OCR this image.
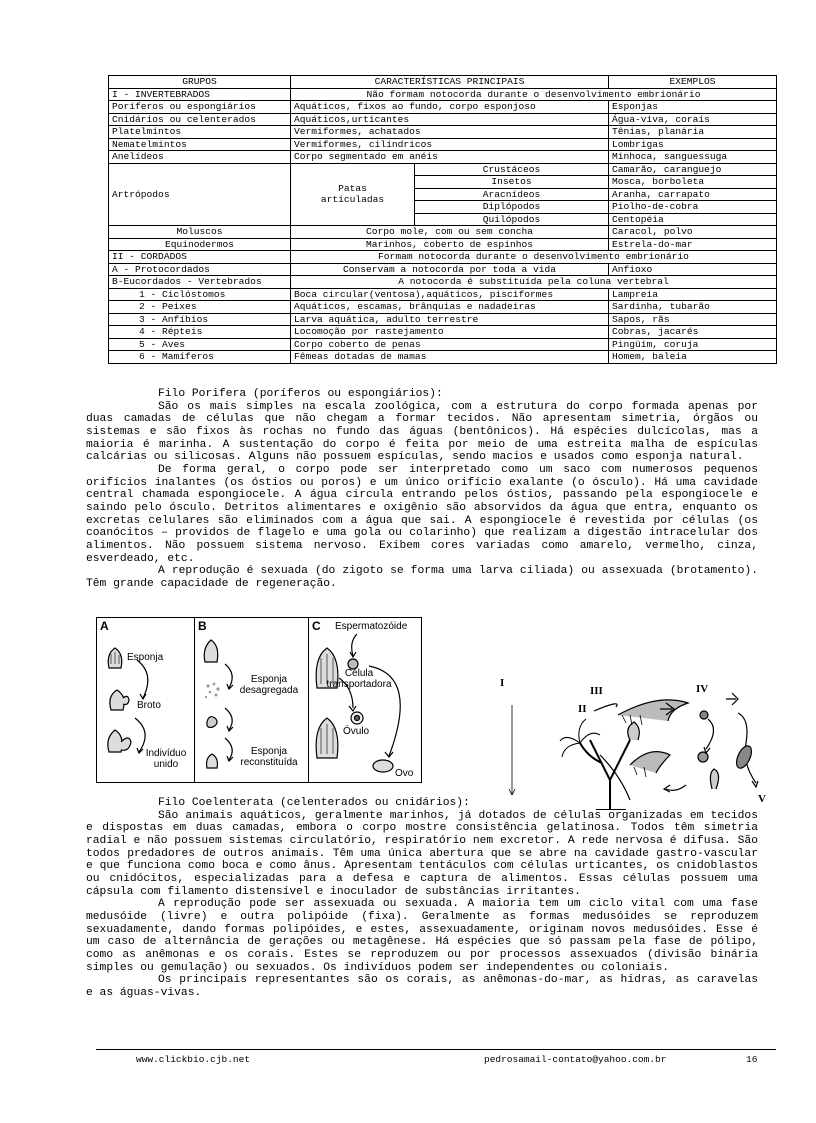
GRUPOS	CARACTERÍSTICAS PRINCIPAIS		EXEMPLOS
I - INVERTEBRADOS	Não formam notocorda durante o desenvolvimento embrionário		
Poríferos ou espongiários	Aquáticos, fixos ao fundo, corpo esponjoso		Esponjas
Cnidários ou celenterados	Aquáticos,urticantes		Água-viva, corais
Platelmintos	Vermiformes, achatados		Tênias, planária
Nematelmintos	Vermiformes, cilíndricos		Lombrigas
Anelídeos	Corpo segmentado em anéis		Minhoca, sanguessuga
Artrópodos	Patas articuladas	Crustáceos	Camarão, caranguejo
		Insetos	Mosca, borboleta
		Aracnídeos	Aranha, carrapato
		Diplópodos	Piolho-de-cobra
		Quilópodos	Centopéia
Moluscos	Corpo mole, com ou sem concha		Caracol, polvo
Equinodermos	Marinhos, coberto de espinhos		Estrela-do-mar
II - CORDADOS	Formam notocorda durante o desenvolvimento embrionário		
A - Protocordados	Conservam a notocorda por toda a vida		Anfioxo
B-Eucordados - Vertebrados	A notocorda é substituída pela coluna vertebral		
1 - Ciclóstomos	Boca circular(ventosa),aquáticos, pisciformes		Lampreia
2 - Peixes	Aquáticos, escamas, brânquias e nadadeiras		Sardinha, tubarão
3 - Anfíbios	Larva aquática, adulto terrestre		Sapos, rãs
4 - Répteis	Locomoção por rastejamento		Cobras, jacarés
5 - Aves	Corpo coberto de penas		Pingüim, coruja
6 - Mamíferos	Fêmeas dotadas de mamas		Homem, baleia

Filo Porifera (poríferos ou espongiários):

São os mais simples na escala zoológica, com a estrutura do corpo formada apenas por duas camadas de células que não chegam a formar tecidos. Não apresentam simetria, órgãos ou sistemas e são fixos às rochas no fundo das águas (bentônicos). Há espécies dulcícolas, mas a maioria é marinha. A sustentação do corpo é feita por meio de uma estreita malha de espículas calcárias ou silicosas. Alguns não possuem espículas, sendo macios e usados como esponja natural.

De forma geral, o corpo pode ser interpretado como um saco com numerosos pequenos orifícios inalantes (os óstios ou poros) e um único orifício exalante (o ósculo). Há uma cavidade central chamada espongiocele. A água circula entrando pelos óstios, passando pela espongiocele e saindo pelo ósculo. Detritos alimentares e oxigênio são absorvidos da água que entra, enquanto os excretas celulares são eliminados com a água que sai. A espongiocele é revestida por células (os coanócitos – providos de flagelo e uma gola ou colarinho) que realizam a digestão intracelular dos alimentos. Não possuem sistema nervoso. Exibem cores variadas como amarelo, vermelho, cinza, esverdeado, etc.

A reprodução é sexuada (do zigoto se forma uma larva ciliada) ou assexuada (brotamento). Têm grande capacidade de regeneração.

A
Esponja
Broto
Indivíduo unido
B
Esponja desagregada
Esponja reconstituída
C Espermatozóide
Célula transportadora
Óvulo
Ovo
I
II
III	IV
V

Filo Coelenterata (celenterados ou cnidários):

São animais aquáticos, geralmente marinhos, já dotados de células organizadas em tecidos e dispostas em duas camadas, embora o corpo mostre consistência gelatinosa. Todos têm simetria radial e não possuem sistemas circulatório, respiratório nem excretor. A rede nervosa é difusa. São todos predadores de outros animais. Têm uma única abertura que se abre na cavidade gastro-vascular e que funciona como boca e como ânus. Apresentam tentáculos com células urticantes, os cnidoblastos ou cnidócitos, especializadas para a defesa e captura de alimentos. Essas células possuem uma cápsula com filamento distensível e inoculador de substâncias irritantes.

A reprodução pode ser assexuada ou sexuada. A maioria tem um ciclo vital com uma fase medusóide (livre) e outra polipóide (fixa). Geralmente as formas medusóides se reproduzem sexuadamente, dando formas polipóides, e estes, assexuadamente, originam novos medusóides. Esse é um caso de alternância de gerações ou metagênese. Há espécies que só passam pela fase de pólipo, como as anêmonas e os corais. Estes se reproduzem ou por processos assexuados (divisão binária simples ou gemulação) ou sexuados. Os indivíduos podem ser independentes ou coloniais.

Os principais representantes são os corais, as anêmonas-do-mar, as hidras, as caravelas e as águas-vivas.

www.clickbio.cjb.net	pedrosamail-contato@yahoo.com.br	16
